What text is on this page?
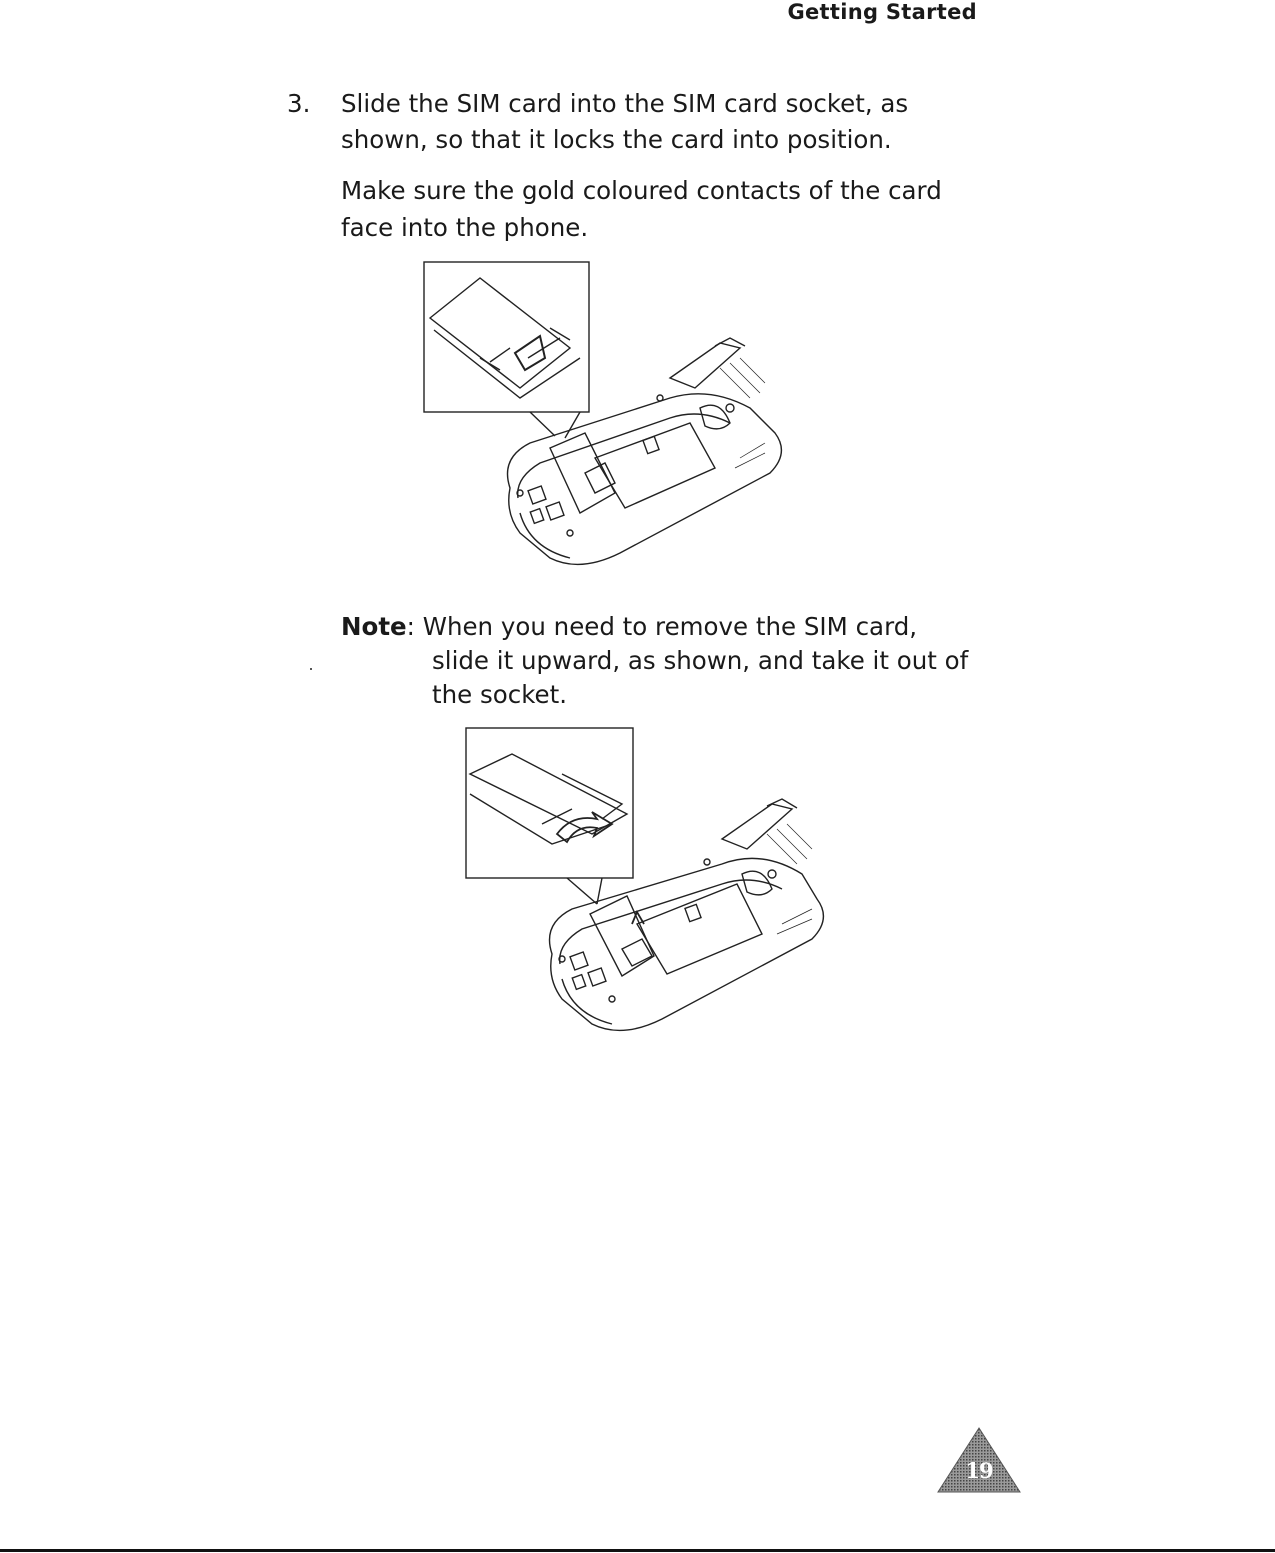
Getting Started
3. Slide the SIM card into the SIM card socket, as shown, so that it locks the card into position.
Make sure the gold coloured contacts of the card face into the phone.
Note: When you need to remove the SIM card,
slide it upward, as shown, and take it out of the socket.
19
